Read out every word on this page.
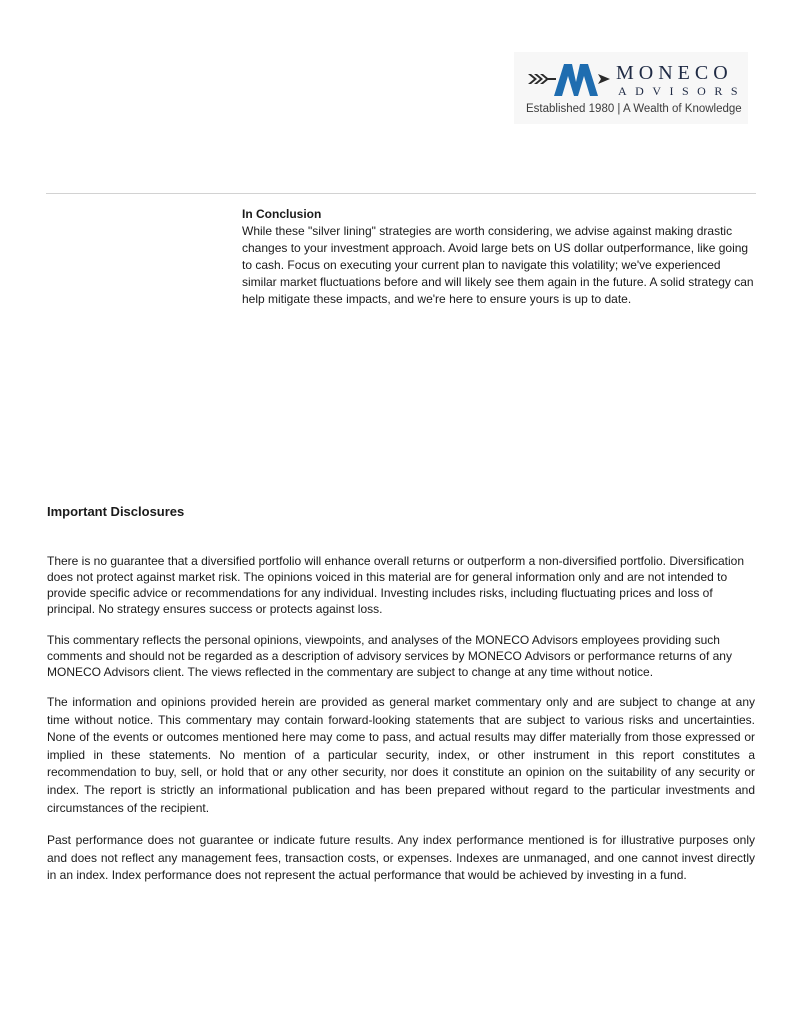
MONECO
ADVISORS
Established 1980 | A Wealth of Knowledge
In Conclusion

While these "silver lining" strategies are worth considering, we advise against making drastic changes to your investment approach. Avoid large bets on US dollar outperformance, like going to cash. Focus on executing your current plan to navigate this volatility; we've experienced similar market fluctuations before and will likely see them again in the future. A solid strategy can help mitigate these impacts, and we're here to ensure yours is up to date.

Important Disclosures

There is no guarantee that a diversified portfolio will enhance overall returns or outperform a non-diversified portfolio. Diversification does not protect against market risk. The opinions voiced in this material are for general information only and are not intended to provide specific advice or recommendations for any individual. Investing includes risks, including fluctuating prices and loss of principal. No strategy ensures success or protects against loss.

This commentary reflects the personal opinions, viewpoints, and analyses of the MONECO Advisors employees providing such comments and should not be regarded as a description of advisory services by MONECO Advisors or performance returns of any MONECO Advisors client. The views reflected in the commentary are subject to change at any time without notice.

The information and opinions provided herein are provided as general market commentary only and are subject to change at any time without notice. This commentary may contain forward-looking statements that are subject to various risks and uncertainties. None of the events or outcomes mentioned here may come to pass, and actual results may differ materially from those expressed or implied in these statements. No mention of a particular security, index, or other instrument in this report constitutes a recommendation to buy, sell, or hold that or any other security, nor does it constitute an opinion on the suitability of any security or index. The report is strictly an informational publication and has been prepared without regard to the particular investments and circumstances of the recipient.

Past performance does not guarantee or indicate future results. Any index performance mentioned is for illustrative purposes only and does not reflect any management fees, transaction costs, or expenses. Indexes are unmanaged, and one cannot invest directly in an index. Index performance does not represent the actual performance that would be achieved by investing in a fund.
